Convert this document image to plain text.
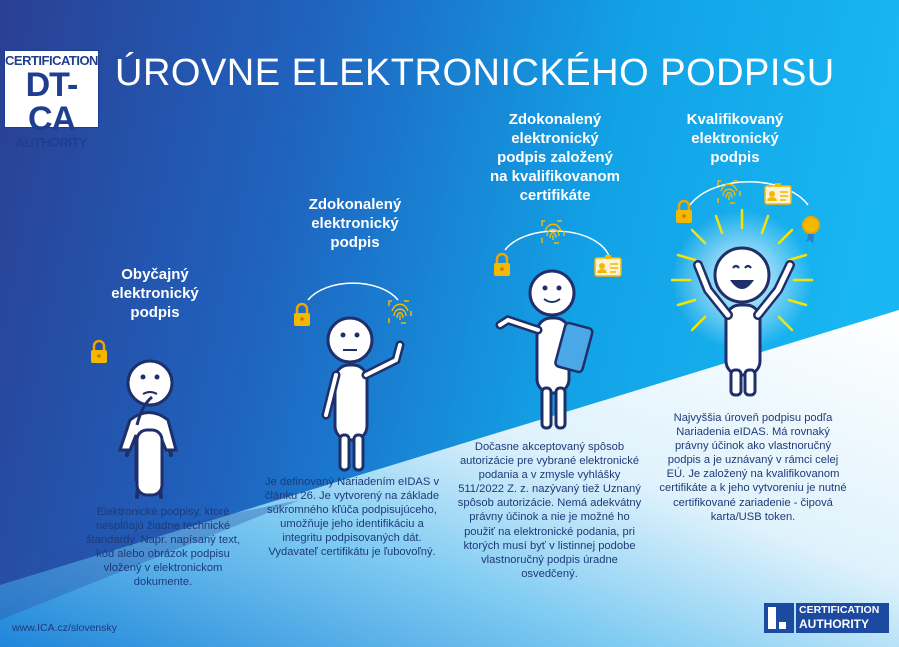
CERTIFICATION
DT-CA
AUTHORITY
ÚROVNE ELEKTRONICKÉHO PODPISU
Obyčajný
elektronický
podpis
Zdokonalený
elektronický
podpis
Zdokonalený
elektronický
podpis založený
na kvalifikovanom
certifikáte
Kvalifikovaný
elektronický
podpis
Elektronické podpisy, ktoré nespĺňajú žiadne technické štandardy. Napr. napísaný text, kód alebo obrázok podpisu vložený v elektronickom dokumente.
Je definovaný Nariadením eIDAS v článku 26. Je vytvorený na základe súkromného kľúča podpisujúceho, umožňuje jeho identifikáciu a integritu podpisovaných dát. Vydavateľ certifikátu je ľubovoľný.
Dočasne akceptovaný spôsob autorizácie pre vybrané elektronické podania a v zmysle vyhlášky 511/2022 Z. z. nazývaný tiež Uznaný spôsob autorizácie. Nemá adekvátny právny účinok a nie je možné ho použiť na elektronické podania, pri ktorých musí byť v listinnej podobe vlastnoručný podpis úradne osvedčený.
Najvyššia úroveň podpisu podľa Nariadenia eIDAS. Má rovnaký právny účinok ako vlastnoručný podpis a je uznávaný v rámci celej EÚ. Je založený na kvalifikovanom certifikáte a k jeho vytvoreniu je nutné certifikované zariadenie - čipová karta/USB token.
www.ICA.cz/slovensky
CERTIFICATION
AUTHORITY
